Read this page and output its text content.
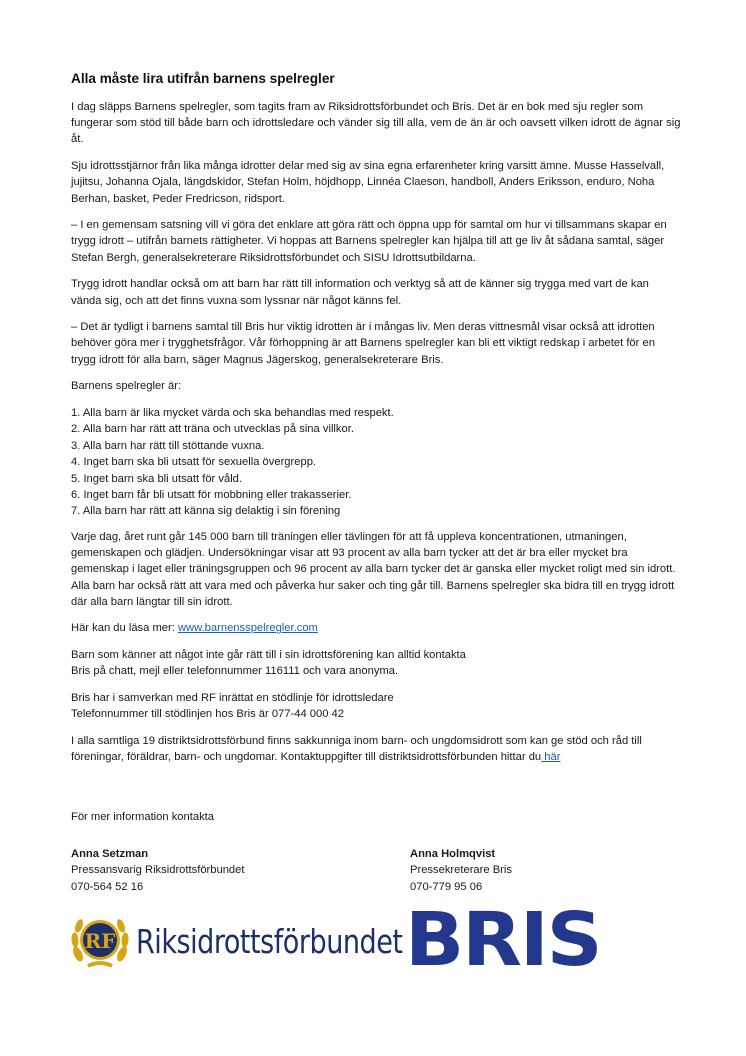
Alla måste lira utifrån barnens spelregler

I dag släpps Barnens spelregler, som tagits fram av Riksidrottsförbundet och Bris. Det är en bok med sju regler som fungerar som stöd till både barn och idrottsledare och vänder sig till alla, vem de än är och oavsett vilken idrott de ägnar sig åt.

Sju idrottsstjärnor från lika många idrotter delar med sig av sina egna erfarenheter kring varsitt ämne. Musse Hasselvall, jujitsu, Johanna Ojala, längdskidor, Stefan Holm, höjdhopp, Linnéa Claeson, handboll, Anders Eriksson, enduro, Noha Berhan, basket, Peder Fredricson, ridsport.

– I en gemensam satsning vill vi göra det enklare att göra rätt och öppna upp för samtal om hur vi tillsammans skapar en trygg idrott – utifrån barnets rättigheter. Vi hoppas att Barnens spelregler kan hjälpa till att ge liv åt sådana samtal, säger Stefan Bergh, generalsekreterare Riksidrottsförbundet och SISU Idrottsutbildarna.

Trygg idrott handlar också om att barn har rätt till information och verktyg så att de känner sig trygga med vart de kan vända sig, och att det finns vuxna som lyssnar när något känns fel.

– Det är tydligt i barnens samtal till Bris hur viktig idrotten är i mångas liv. Men deras vittnesmål visar också att idrotten behöver göra mer i trygghetsfrågor. Vår förhoppning är att Barnens spelregler kan bli ett viktigt redskap i arbetet för en trygg idrott för alla barn, säger Magnus Jägerskog, generalsekreterare Bris.

Barnens spelregler är:

1. Alla barn är lika mycket värda och ska behandlas med respekt.
2. Alla barn har rätt att träna och utvecklas på sina villkor.
3. Alla barn har rätt till stöttande vuxna.
4. Inget barn ska bli utsatt för sexuella övergrepp.
5. Inget barn ska bli utsatt för våld.
6. Inget barn får bli utsatt för mobbning eller trakasserier.
7. Alla barn har rätt att känna sig delaktig i sin förening

Varje dag, året runt går 145 000 barn till träningen eller tävlingen för att få uppleva koncentrationen, utmaningen, gemenskapen och glädjen. Undersökningar visar att 93 procent av alla barn tycker att det är bra eller mycket bra gemenskap i laget eller träningsgruppen och 96 procent av alla barn tycker det är ganska eller mycket roligt med sin idrott. Alla barn har också rätt att vara med och påverka hur saker och ting går till. Barnens spelregler ska bidra till en trygg idrott där alla barn längtar till sin idrott.

Här kan du läsa mer: www.barnensspelregler.com

Barn som känner att något inte går rätt till i sin idrottsförening kan alltid kontakta
Bris på chatt, mejl eller telefonnummer 116111 och vara anonyma.

Bris har i samverkan med RF inrättat en stödlinje för idrottsledare
Telefonnummer till stödlinjen hos Bris är 077-44 000 42

I alla samtliga 19 distriktsidrottsförbund finns sakkunniga inom barn- och ungdomsidrott som kan ge stöd och råd till föreningar, föräldrar, barn- och ungdomar. Kontaktuppgifter till distriktsidrottsförbunden hittar du här

För mer information kontakta
Anna Setzman
Pressansvarig Riksidrottsförbundet
070-564 52 16
Anna Holmqvist
Pressekreterare Bris
070-779 95 06
RF Riksidrottsförbundet BRIS
